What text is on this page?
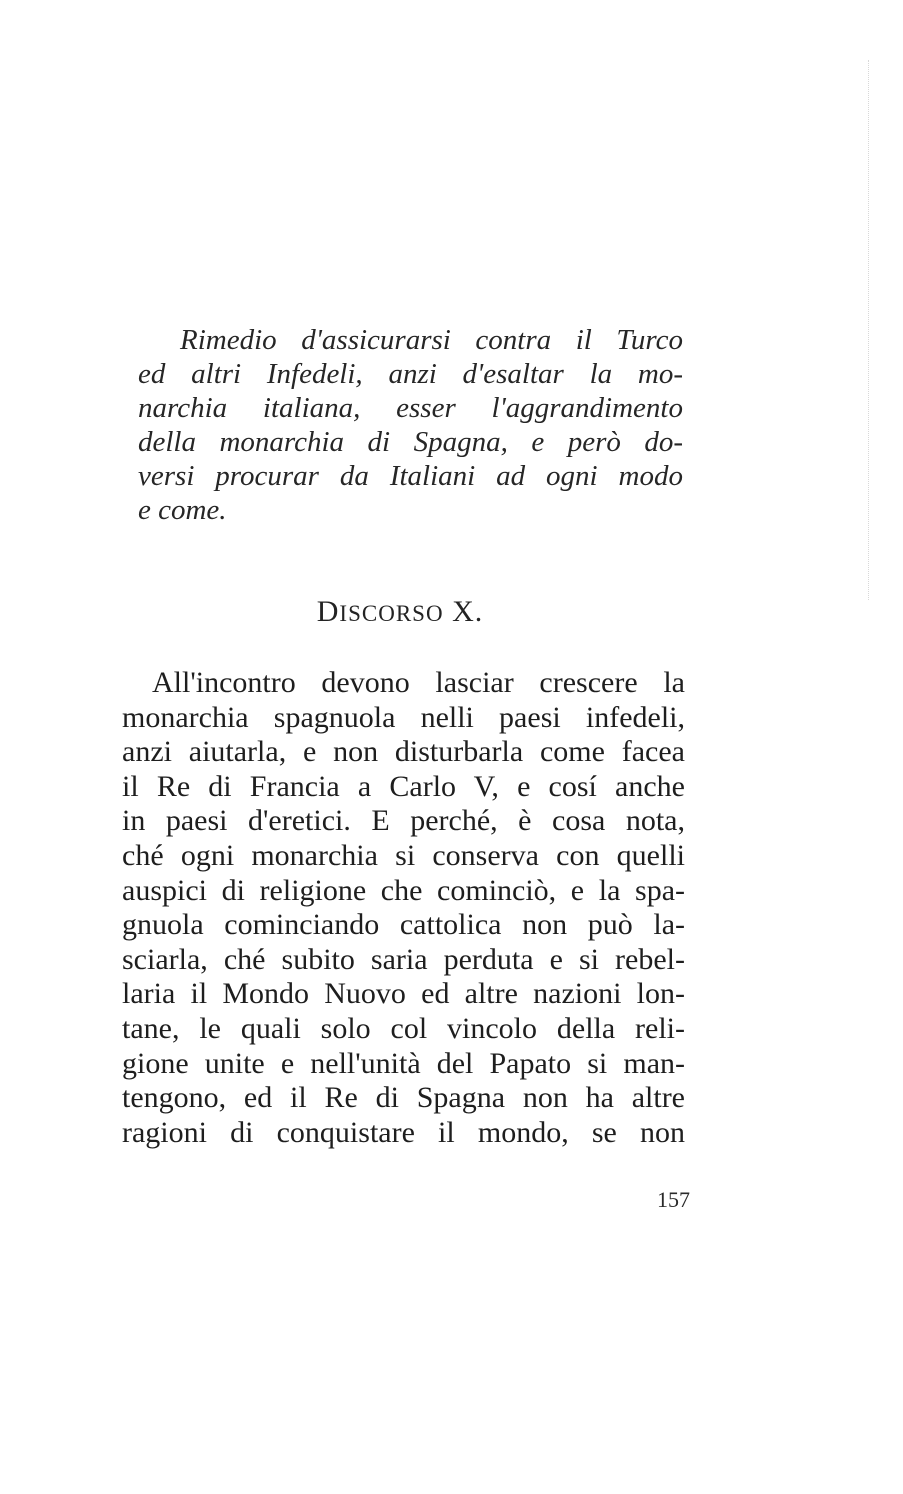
Rimedio d'assicurarsi contra il Turco
ed altri Infedeli, anzi d'esaltar la mo-
narchia italiana, esser l'aggrandimento
della monarchia di Spagna, e però do-
versi procurar da Italiani ad ogni modo
e come.
DISCORSO X.
All'incontro devono lasciar crescere la
monarchia spagnuola nelli paesi infedeli,
anzi aiutarla, e non disturbarla come facea
il Re di Francia a Carlo V, e cosí anche
in paesi d'eretici. E perché, è cosa nota,
ché ogni monarchia si conserva con quelli
auspici di religione che cominciò, e la spa-
gnuola cominciando cattolica non può la-
sciarla, ché subito saria perduta e si rebel-
laria il Mondo Nuovo ed altre nazioni lon-
tane, le quali solo col vincolo della reli-
gione unite e nell'unità del Papato si man-
tengono, ed il Re di Spagna non ha altre
ragioni di conquistare il mondo, se non
157
